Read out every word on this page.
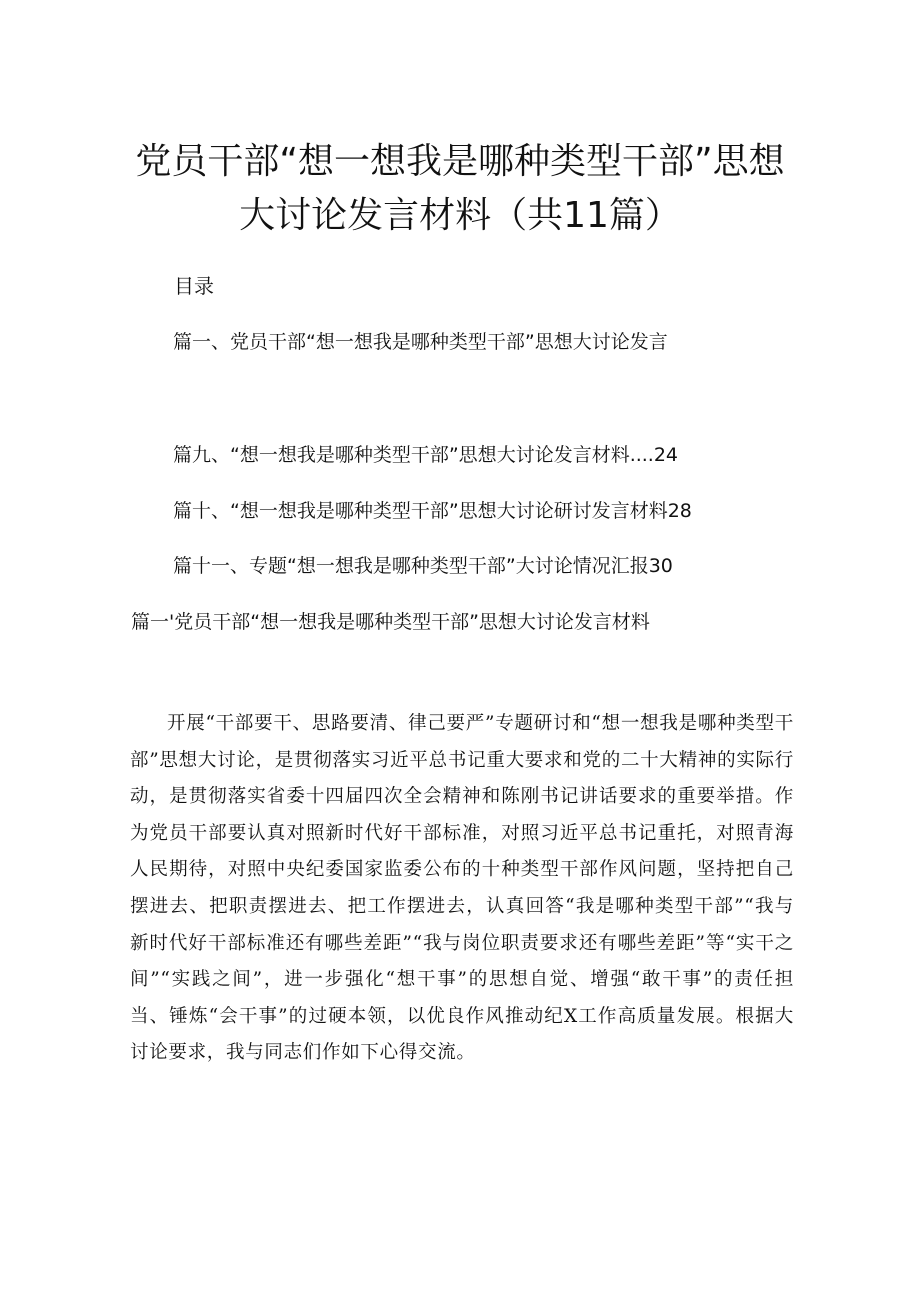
党员干部“想一想我是哪种类型干部”思想
大讨论发言材料（共11篇）
目录
篇一、党员干部“想一想我是哪种类型干部”思想大讨论发言
篇九、“想一想我是哪种类型干部”思想大讨论发言材料....24
篇十、“想一想我是哪种类型干部”思想大讨论研讨发言材料28
篇十一、专题“想一想我是哪种类型干部”大讨论情况汇报30
篇一'党员干部“想一想我是哪种类型干部”思想大讨论发言材料

开展“干部要干、思路要清、律己要严”专题研讨和“想一想我是哪种类型干部”思想大讨论，是贯彻落实习近平总书记重大要求和党的二十大精神的实际行动，是贯彻落实省委十四届四次全会精神和陈刚书记讲话要求的重要举措。作为党员干部要认真对照新时代好干部标准，对照习近平总书记重托，对照青海人民期待，对照中央纪委国家监委公布的十种类型干部作风问题，坚持把自己摆进去、把职责摆进去、把工作摆进去，认真回答“我是哪种类型干部”“我与新时代好干部标准还有哪些差距”“我与岗位职责要求还有哪些差距”等“实干之间”“实践之间”，进一步强化“想干事”的思想自觉、增强“敢干事”的责任担当、锤炼“会干事”的过硬本领，以优良作风推动纪X工作高质量发展。根据大讨论要求，我与同志们作如下心得交流。
